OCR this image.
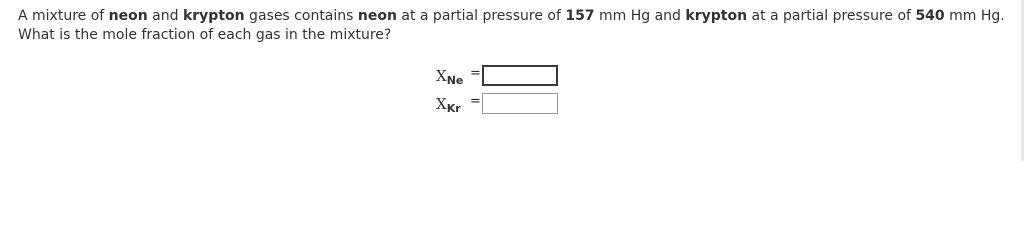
A mixture of neon and krypton gases contains neon at a partial pressure of 157 mm Hg and krypton at a partial pressure of 540 mm Hg.
What is the mole fraction of each gas in the mixture?
$X_{Ne}$ =
$X_{Kr}$ =
